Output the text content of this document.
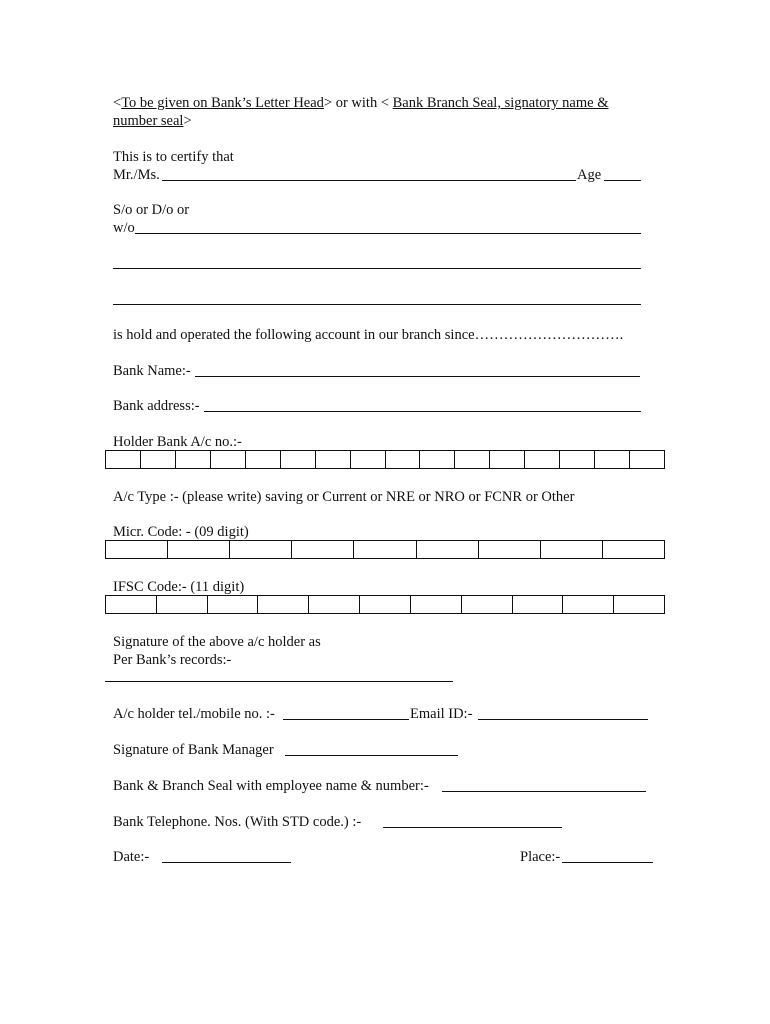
<To be given on Bank’s Letter Head> or with < Bank Branch Seal, signatory name &
number seal>
This is to certify that
Mr./Ms.	Age
S/o or D/o or
w/o
is hold and operated the following account in our branch since………………………….
Bank Name:-
Bank address:-
Holder Bank A/c no.:-
A/c Type :- (please write) saving or Current or NRE or NRO or FCNR or Other
Micr. Code: - (09 digit)
IFSC Code:- (11 digit)
Signature of the above a/c holder as
Per Bank’s records:-
A/c holder tel./mobile no. :-	Email ID:-
Signature of Bank Manager
Bank & Branch Seal with employee name & number:-
Bank Telephone. Nos. (With STD code.) :-
Date:-	Place:-
